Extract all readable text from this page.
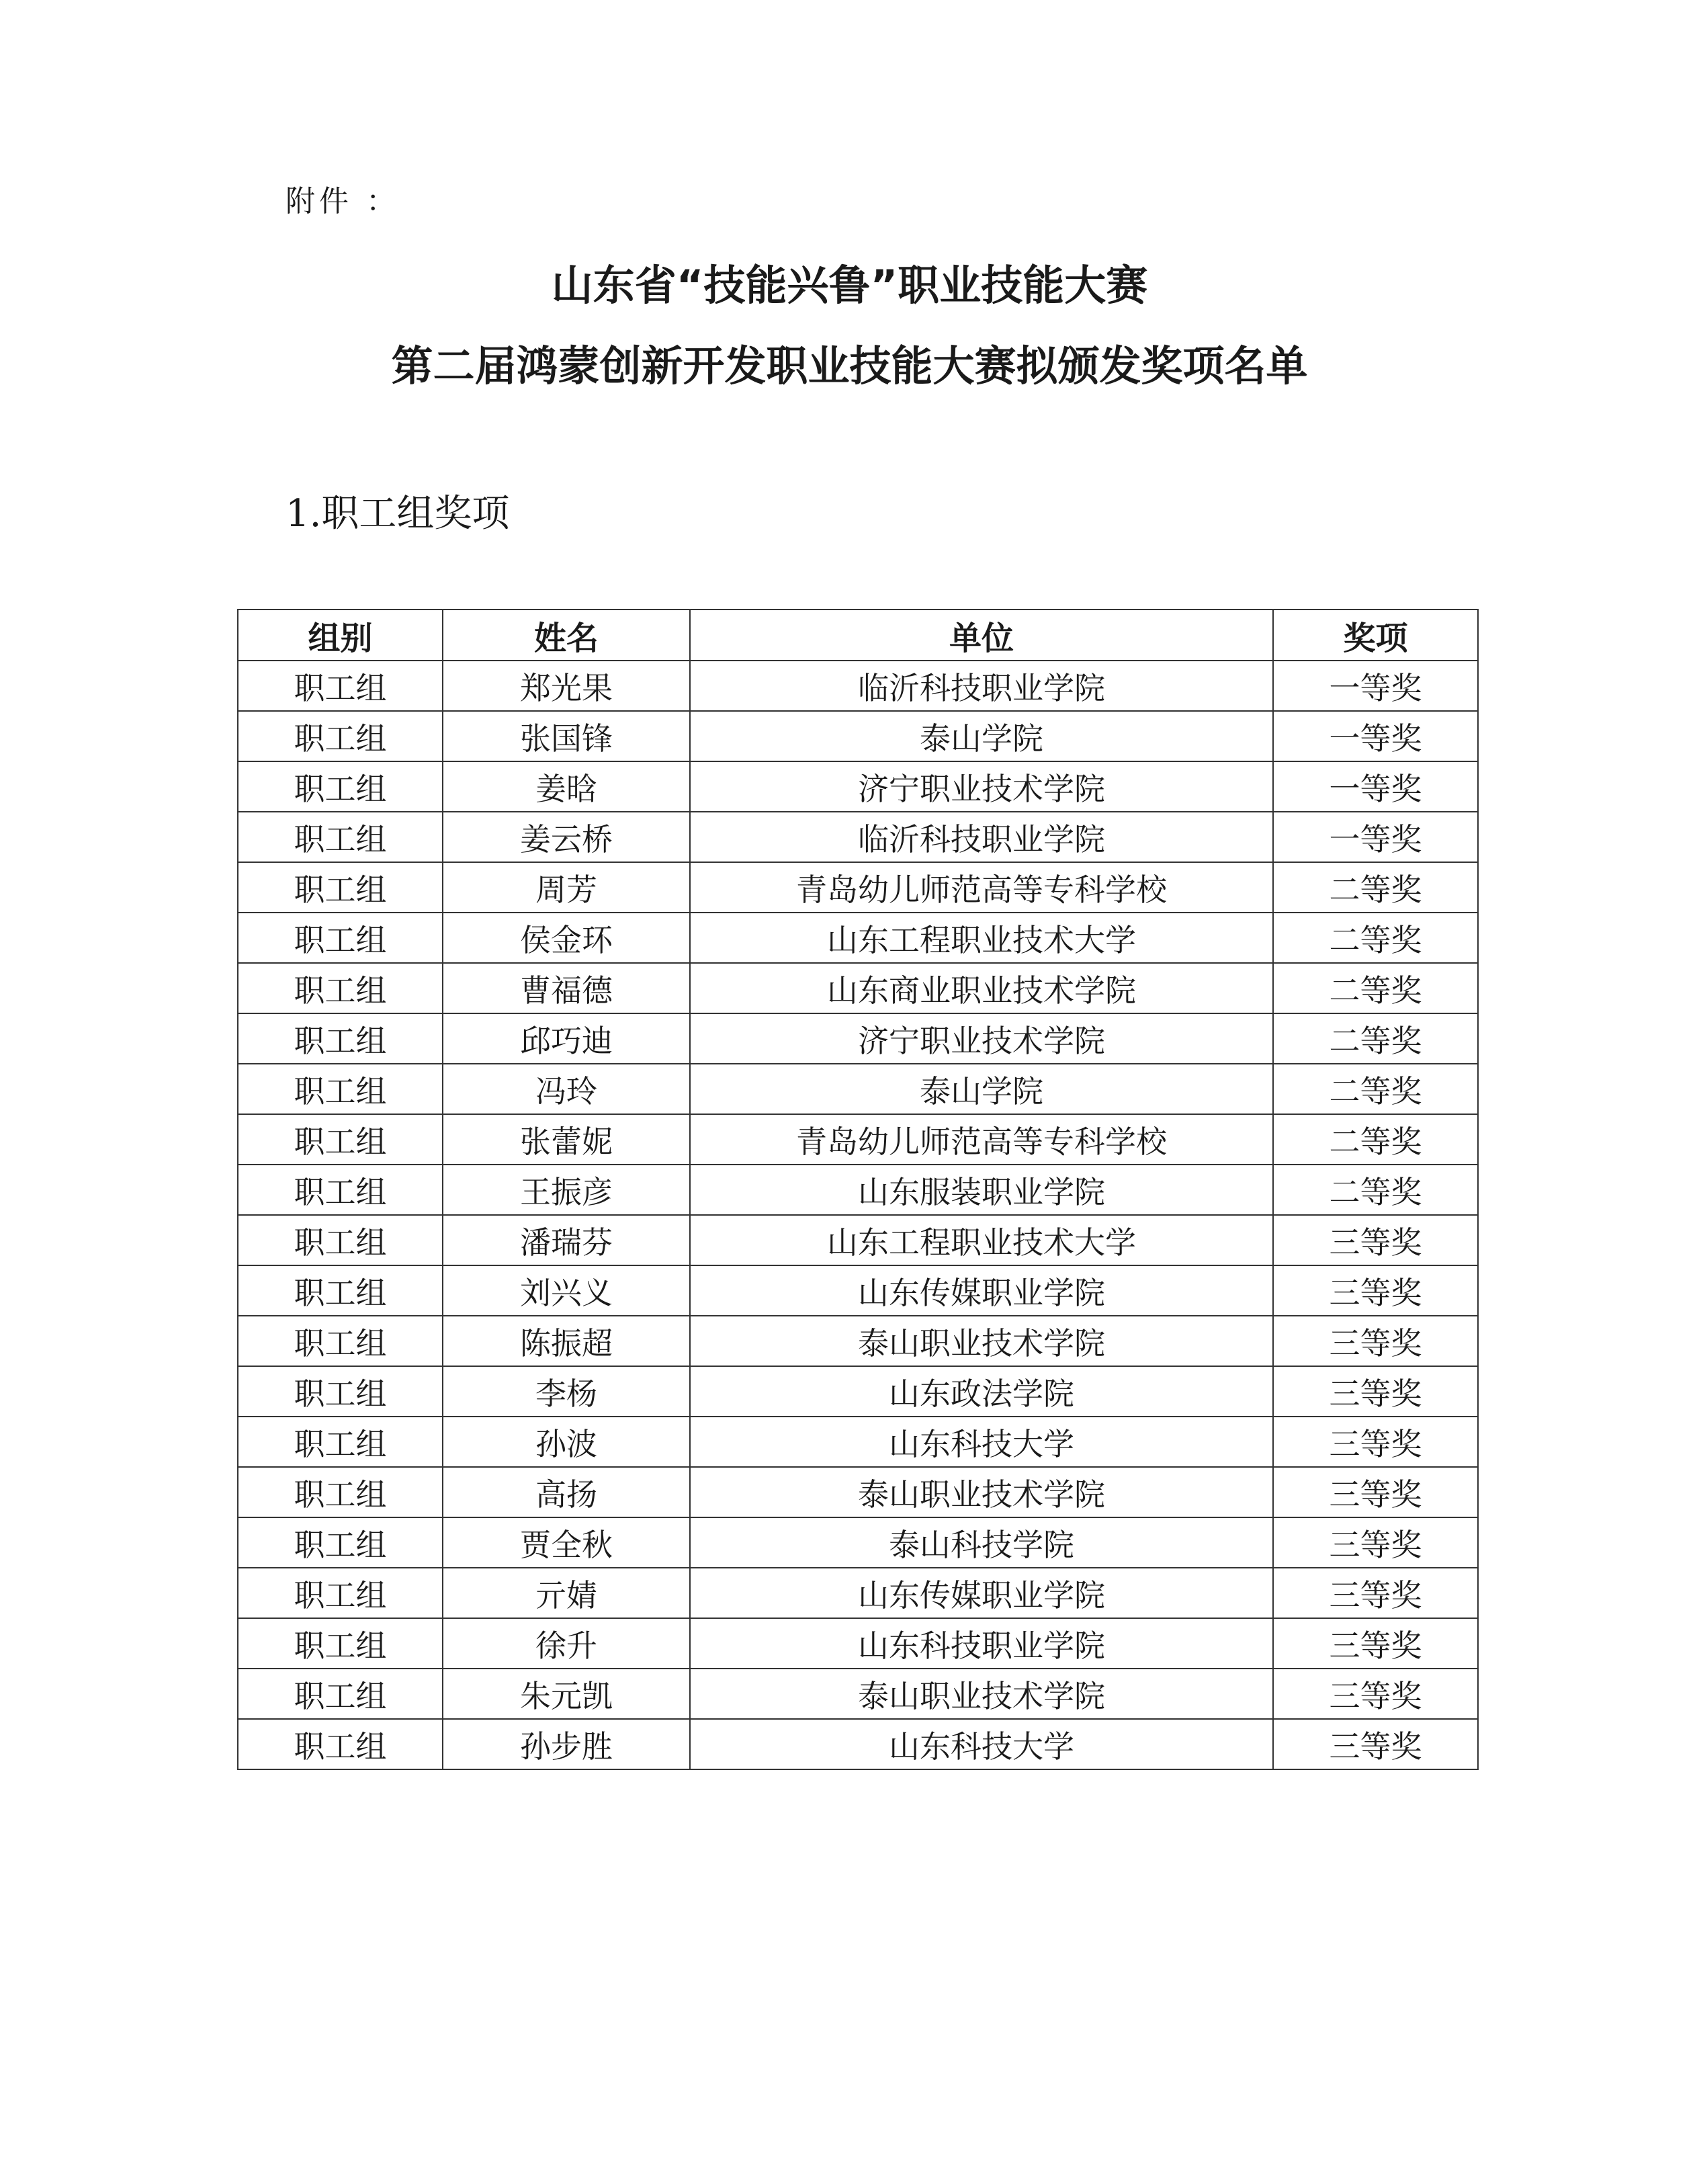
附件 ：
山东省“技能兴鲁”职业技能大赛
第二届鸿蒙创新开发职业技能大赛拟颁发奖项名单
1.职工组奖项
组别	姓名	单位	奖项
职工组	郑光果	临沂科技职业学院	一等奖
职工组	张国锋	泰山学院	一等奖
职工组	姜晗	济宁职业技术学院	一等奖
职工组	姜云桥	临沂科技职业学院	一等奖
职工组	周芳	青岛幼儿师范高等专科学校	二等奖
职工组	侯金环	山东工程职业技术大学	二等奖
职工组	曹福德	山东商业职业技术学院	二等奖
职工组	邱巧迪	济宁职业技术学院	二等奖
职工组	冯玲	泰山学院	二等奖
职工组	张蕾妮	青岛幼儿师范高等专科学校	二等奖
职工组	王振彦	山东服装职业学院	二等奖
职工组	潘瑞芬	山东工程职业技术大学	三等奖
职工组	刘兴义	山东传媒职业学院	三等奖
职工组	陈振超	泰山职业技术学院	三等奖
职工组	李杨	山东政法学院	三等奖
职工组	孙波	山东科技大学	三等奖
职工组	高扬	泰山职业技术学院	三等奖
职工组	贾全秋	泰山科技学院	三等奖
职工组	亓婧	山东传媒职业学院	三等奖
职工组	徐升	山东科技职业学院	三等奖
职工组	朱元凯	泰山职业技术学院	三等奖
职工组	孙步胜	山东科技大学	三等奖
